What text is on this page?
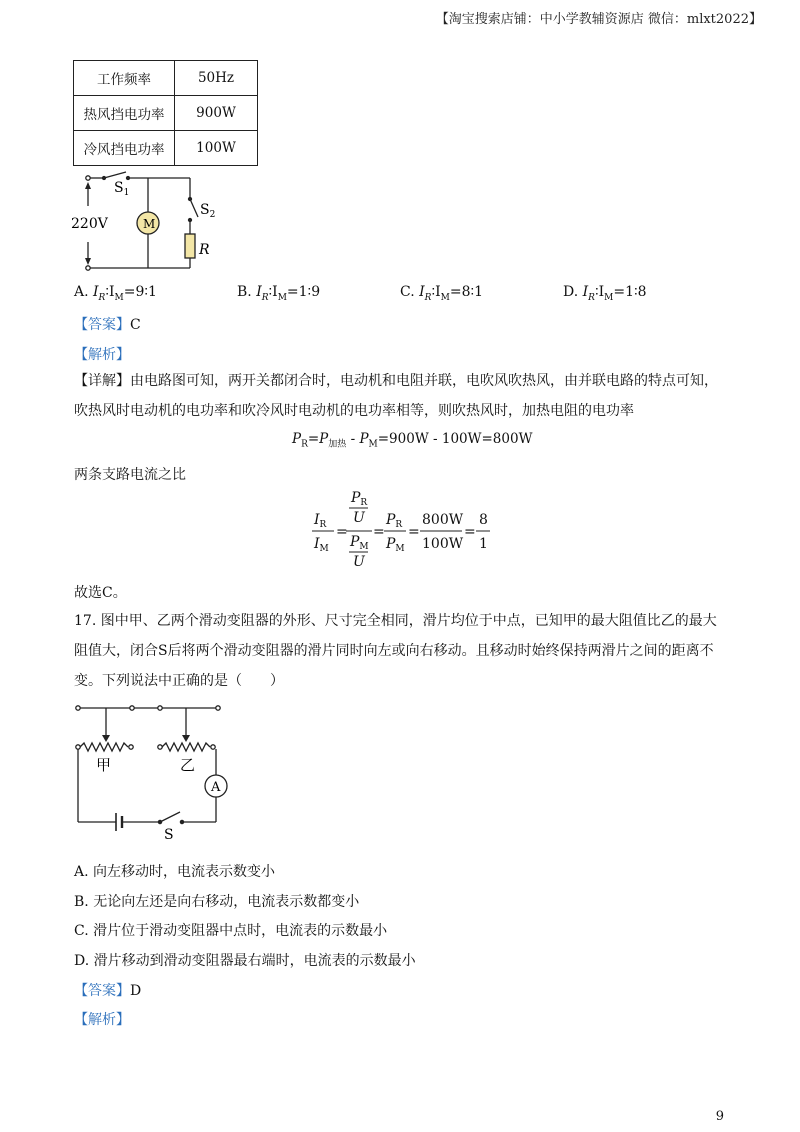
【淘宝搜索店铺：中小学教辅资源店 微信：mlxt2022】
工作频率	50Hz
热风挡电功率	900W
冷风挡电功率	100W
$S_1$
$S_2$
220V	M
R
A. $I_R∶I_M=9∶1$	B. $I_R∶I_M=1∶9$	C. $I_R∶I_M=8∶1$	D. $I_R∶I_M=1∶8$
【答案】C
【解析】
【详解】由电路图可知，两开关都闭合时，电动机和电阻并联，电吹风吹热风，由并联电路的特点可知，吹热风时电动机的电功率和吹冷风时电动机的电功率相等，则吹热风时，加热电阻的电功率
$P_R=P_{加热} - P_M=900W - 100W=800W$
两条支路电流之比
$I_R$
$I_M$
=
$P_R$
U
$P_M$
U
=
$P_R$
$P_M$
=
800W
100W
=
8
1
故选C。
17. 图中甲、乙两个滑动变阻器的外形、尺寸完全相同，滑片均位于中点，已知甲的最大阻值比乙的最大阻值大，闭合S后将两个滑动变阻器的滑片同时向左或向右移动。且移动时始终保持两滑片之间的距离不变。下列说法中正确的是（　　）
甲	乙
A
S
A. 向左移动时，电流表示数变小
B. 无论向左还是向右移动，电流表示数都变小
C. 滑片位于滑动变阻器中点时，电流表的示数最小
D. 滑片移动到滑动变阻器最右端时，电流表的示数最小
【答案】D
【解析】
9
